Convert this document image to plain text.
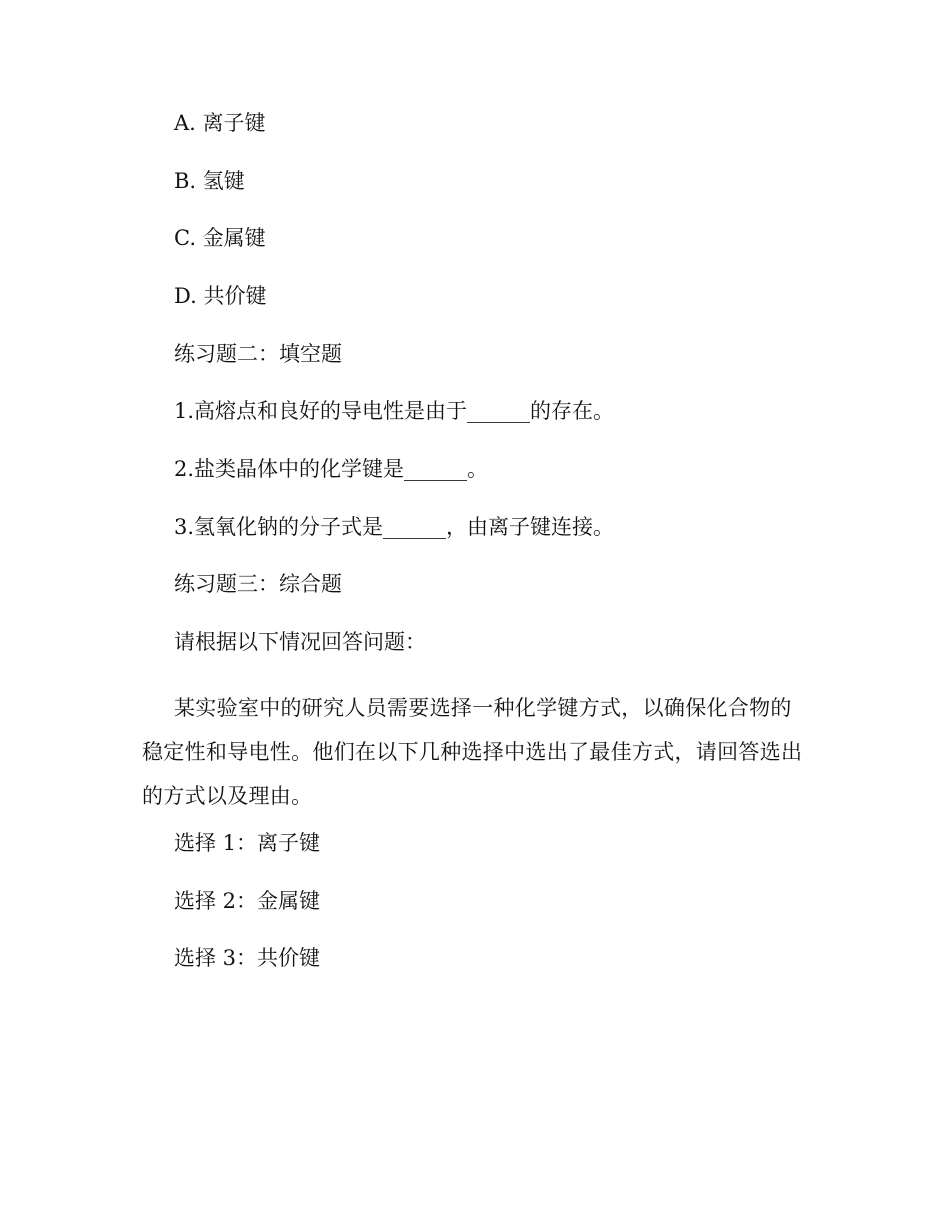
A. 离子键
B. 氢键
C. 金属键
D. 共价键
练习题二：填空题
1.高熔点和良好的导电性是由于______的存在。
2.盐类晶体中的化学键是______。
3.氢氧化钠的分子式是______，由离子键连接。
练习题三：综合题
请根据以下情况回答问题：
某实验室中的研究人员需要选择一种化学键方式，以确保化合物的稳定性和导电性。他们在以下几种选择中选出了最佳方式，请回答选出的方式以及理由。
选择 1：离子键
选择 2：金属键
选择 3：共价键
